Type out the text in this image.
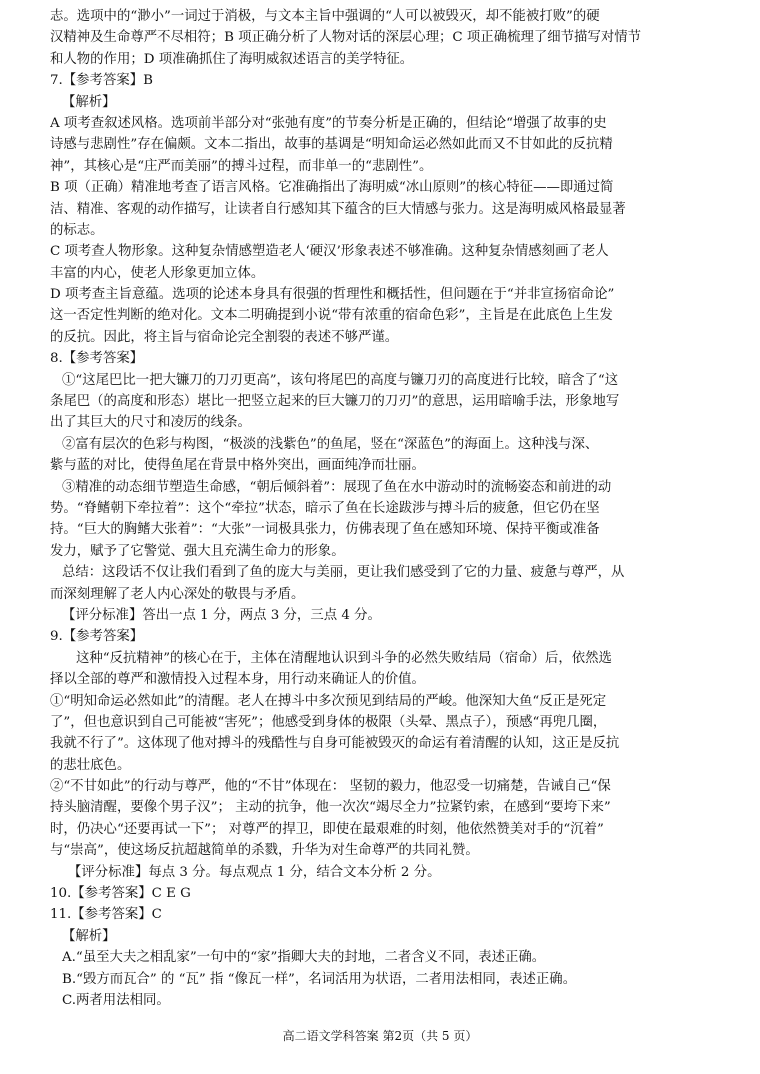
志。选项中的“渺小”一词过于消极，与文本主旨中强调的“人可以被毁灭，却不能被打败”的硬
汉精神及生命尊严不尽相符；B 项正确分析了人物对话的深层心理；C 项正确梳理了细节描写对情节
和人物的作用；D 项准确抓住了海明威叙述语言的美学特征。
7.【参考答案】B
【解析】
A 项考查叙述风格。选项前半部分对“张弛有度”的节奏分析是正确的，但结论“增强了故事的史
诗感与悲剧性”存在偏颇。文本二指出，故事的基调是“明知命运必然如此而又不甘如此的反抗精
神”，其核心是“庄严而美丽”的搏斗过程，而非单一的“悲剧性”。
B 项（正确）精准地考查了语言风格。它准确指出了海明威“冰山原则”的核心特征——即通过简
洁、精准、客观的动作描写，让读者自行感知其下蕴含的巨大情感与张力。这是海明威风格最显著
的标志。
C 项考查人物形象。这种复杂情感塑造老人‘硬汉’形象表述不够准确。这种复杂情感刻画了老人
丰富的内心，使老人形象更加立体。
D 项考查主旨意蕴。选项的论述本身具有很强的哲理性和概括性，但问题在于“并非宣扬宿命论”
这一否定性判断的绝对化。文本二明确提到小说“带有浓重的宿命色彩”，主旨是在此底色上生发
的反抗。因此，将主旨与宿命论完全割裂的表述不够严谨。
8.【参考答案】
①“这尾巴比一把大镰刀的刀刃更高”，该句将尾巴的高度与镰刀刃的高度进行比较，暗含了“这
条尾巴（的高度和形态）堪比一把竖立起来的巨大镰刀的刀刃”的意思，运用暗喻手法，形象地写
出了其巨大的尺寸和凌厉的线条。
②富有层次的色彩与构图，“极淡的浅紫色”的鱼尾，竖在“深蓝色”的海面上。这种浅与深、
紫与蓝的对比，使得鱼尾在背景中格外突出，画面纯净而壮丽。
③精准的动态细节塑造生命感，“朝后倾斜着”：展现了鱼在水中游动时的流畅姿态和前进的动
势。“脊鳍朝下牵拉着”：这个“牵拉”状态，暗示了鱼在长途跋涉与搏斗后的疲惫，但它仍在坚
持。“巨大的胸鳍大张着”：“大张”一词极具张力，仿佛表现了鱼在感知环境、保持平衡或准备
发力，赋予了它警觉、强大且充满生命力的形象。
总结：这段话不仅让我们看到了鱼的庞大与美丽，更让我们感受到了它的力量、疲惫与尊严，从
而深刻理解了老人内心深处的敬畏与矛盾。
【评分标准】答出一点 1 分，两点 3 分，三点 4 分。
9.【参考答案】
这种“反抗精神”的核心在于，主体在清醒地认识到斗争的必然失败结局（宿命）后，依然选
择以全部的尊严和激情投入过程本身，用行动来确证人的价值。
①“明知命运必然如此”的清醒。老人在搏斗中多次预见到结局的严峻。他深知大鱼“反正是死定
了”，但也意识到自己可能被“害死”；他感受到身体的极限（头晕、黑点子），预感“再兜几圈，
我就不行了”。这体现了他对搏斗的残酷性与自身可能被毁灭的命运有着清醒的认知，这正是反抗
的悲壮底色。
②“不甘如此”的行动与尊严，他的“不甘”体现在： 坚韧的毅力，他忍受一切痛楚，告诫自己“保
持头脑清醒，要像个男子汉”； 主动的抗争，他一次次“竭尽全力”拉紧钓索，在感到“要垮下来”
时，仍决心“还要再试一下”； 对尊严的捍卫，即使在最艰难的时刻，他依然赞美对手的“沉着”
与“崇高”，使这场反抗超越简单的杀戮，升华为对生命尊严的共同礼赞。
【评分标准】每点 3 分。每点观点 1 分，结合文本分析 2 分。
10.【参考答案】C E G
11.【参考答案】C
【解析】
A.“虽至大夫之相乱家”一句中的“家”指卿大夫的封地，二者含义不同，表述正确。
B.“毁方而瓦合” 的 “瓦” 指 “像瓦一样”，名词活用为状语，二者用法相同，表述正确。
C.两者用法相同。
高二语文学科答案 第2页（共 5 页）
